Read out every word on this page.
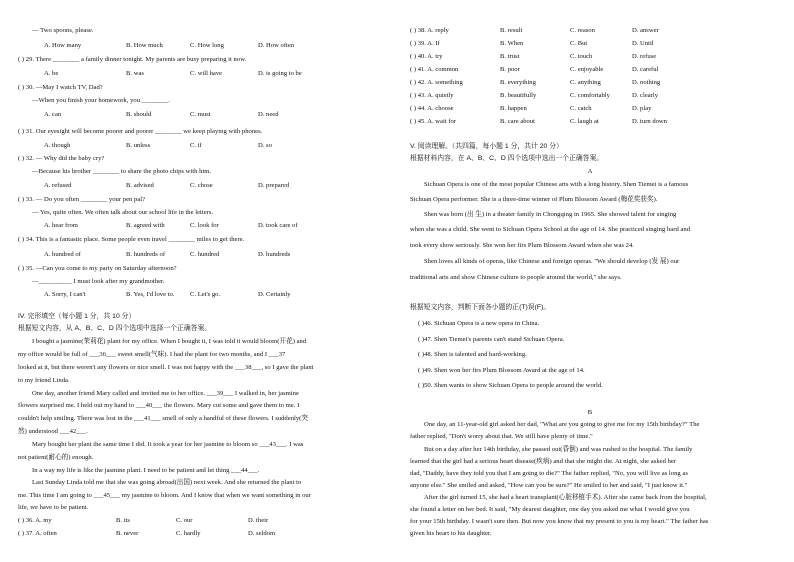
— Two spoons, please.
A. How many	B. How much	C. How long	D. How often
( ) 29. There ________ a family dinner tonight. My parents are busy preparing it now.
A. be	B. was	C. will have	D. is going to be
( ) 30. —May I watch TV, Dad?
—When you finish your homework, you ________.
A. can	B. should	C. must	D. need
( ) 31. Our eyesight will become poorer and poorer ________ we keep playing with phones.
A. though	B. unless	C. if	D. so
( ) 32. — Why did the baby cry?
—Because his brother ________ to share the photo chips with him.
A. refused	B. advised	C. chose	D. prepared
( ) 33. — Do you often ________ your pen pal?
— Yes, quite often. We often talk about our school life in the letters.
A. hear from	B. agreed with	C. look for	D. took care of
( ) 34. This is a fantastic place. Some people even travel ________ miles to get there.
A. hundred of	B. hundreds of	C. hundred	D. hundreds
( ) 35. —Can you come to my party on Saturday afternoon?
—__________ I must look after my grandmother.
A. Sorry, I can't	B. Yes, I'd love to. C. Let's go.	D. Certainly
IV. 完形填空（每小题 1 分，共 10 分）
根据短文内容，从 A、B、C、D 四个选项中选择一个正确答案。
I bought a jasmine(茉莉花) plant for my office. When I bought it, I was told it would bloom(开花) and
my office would be full of ___36___ sweet smell(气味). I had the plant for two months, and I ___37
looked at it, but there weren't any flowers or nice smell. I was not happy with the ___38___, so I gave the plant
to my friend Linda.
One day, another friend Mary called and invited me to her office. ___39___ I walked in, her jasmine
flowers surprised me. I held out my hand to ___40___ the flowers. Mary cut some and gave them to me. I
couldn't help smiling. There was lost in the ___41___ smell of only a handful of these flowers. I suddenly(突
然) understood ___42___.
Mary bought her plant the same time I did. It took a year for her jasmine to bloom so ___43___. I was
not patient(耐心的) enough.
In a way my life is like the jasmine plant. I need to be patient and let thing ___44___.
Last Sunday Linda told me that she was going abroad(出国) next week. And she returned the plant to
me. This time I am going to ___45___ my jasmine to bloom. And I know that when we want something in our
life, we have to be patient.
( ) 36. A. my	B. its	C. our	D. their
( ) 37. A. often	B. never	C. hardly	D. seldom
( ) 38. A. reply	B. result	C. reason	D. answer
( ) 39. A. If	B. When	C. But	D. Until
( ) 40. A. try	B. trust	C. touch	D. refuse
( ) 41. A. common	B. poor	C. enjoyable	D. careful
( ) 42. A. something	B. everything	C. anything	D. nothing
( ) 43. A. quietly	B. beautifully	C. comfortably	D. clearly
( ) 44. A. choose	B. happen	C. catch	D. play
( ) 45. A. wait for	B. care about	C. laugh at	D. turn down
V. 阅读理解。（共四篇，每小题 1 分，共计 20 分）
根据材料内容，在 A、B、C、D 四个选项中选出一个正确答案。
A
Sichuan Opera is one of the most popular Chinese arts with a long history. Shen Tiemei is a famous
Sichuan Opera performer. She is a three-time winner of Plum Blossom Award (梅花奖获奖).
Shen was born (出 生) in a theater family in Chongqing in 1965. She showed talent for singing
when she was a child. She went to Sichuan Opera School at the age of 14. She practiced singing hard and
took every show seriously. She won her firs Plum Blossom Award when she was 24.
Shen loves all kinds of operas, like Chinese and foreign operas. "We should develop (发 展) our
traditional arts and show Chinese culture to people around the world," she says.
根据短文内容，判断下面各小题的正(T)误(F)。
( )46. Sichuan Opera is a new opera in China.
( )47. Shen Tiemei's parents can't stand Sichuan Opera.
( )48. Shen is talented and hard-working.
( )49. Shen won her firs Plum Blossom Award at the age of 14.
( )50. Shen wants to show Sichuan Opera to people around the world.
B
One day, an 11-year-old girl asked her dad, "What are you going to give me for my 15th birthday?" The
father replied, "Don't worry about that. We still have plenty of time."
But on a day after her 14th birthday, she passed out(昏倒) and was rushed to the hospital. The family
learned that the girl had a serious heart disease(疾病) and that she might die. At night, she asked her
dad, "Daddy, have they told you that I am going to die?" The father replied, "No, you will live as long as
anyone else." She smiled and asked, "How can you be sure?" He smiled to her and said, "I just know it."
After the girl turned 15, she had a heart transplant(心脏移植手术). After she came back from the hospital,
she found a letter on her bed. It said, "My dearest daughter, one day you asked me what I would give you
for your 15th birthday. I wasn't sure then. But now you know that my present to you is my heart." The father has
given his heart to his daughter.
